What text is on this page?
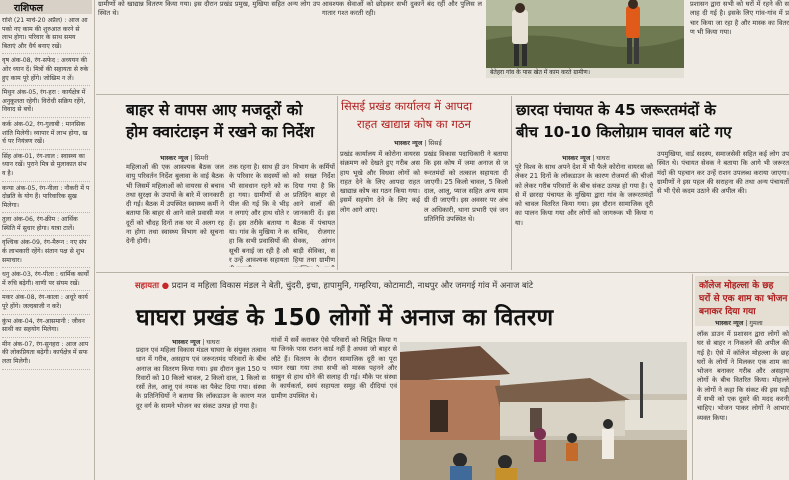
राशिफल
राशि (21 मार्च-20 अप्रैल) : आज आपको नए काम की शुरुआत करने से लाभ होगा। परिवार के साथ समय बिताएं और धैर्य बनाए रखें।
वृष अंक-08, रंग-सफेद : अध्ययन की ओर ध्यान दें। मित्रों की सहायता से रुके हुए काम पूरे होंगे। जोखिम न लें।
मिथुन अंक-05, रंग-हरा : कार्यक्षेत्र में अनुकूलता रहेगी। विरोधी सक्रिय रहेंगे, विवाद से बचें।
कर्क अंक-02, रंग-गुलाबी : मानसिक शांति मिलेगी। व्यापार में लाभ होगा, खर्च पर नियंत्रण रखें।
सिंह अंक-01, रंग-लाल : स्वास्थ्य का ध्यान रखें। पुराने मित्र से मुलाकात संभव है।
कन्या अंक-05, रंग-नीला : नौकरी में पदोन्नति के योग हैं। पारिवारिक सुख मिलेगा।
तुला अंक-06, रंग-क्रीम : आर्थिक स्थिति में सुधार होगा। यात्रा टालें।
वृश्चिक अंक-09, रंग-मैरून : नए संपर्क लाभकारी रहेंगे। संतान पक्ष से शुभ समाचार।
धनु अंक-03, रंग-पीला : धार्मिक कार्यों में रुचि बढ़ेगी। वाणी पर संयम रखें।
मकर अंक-08, रंग-काला : अधूरे कार्य पूरे होंगे। जल्दबाजी न करें।
कुंभ अंक-04, रंग-आसमानी : जीवनसाथी का सहयोग मिलेगा।
मीन अंक-07, रंग-सुनहरा : आज आपकी लोकप्रियता बढ़ेगी। कार्यक्षेत्र में सफलता मिलेगी।
ग्रामीणों को खाद्यान्न वितरण किया गया। इस दौरान प्रखंड प्रमुख, मुखिया सहित अन्य लोग उपस्थित थे।
आवश्यक सेवाओं को छोड़कर सभी दुकानें बंद रहीं और पुलिस लगातार गश्त करती रही।
बेतेहरा गांव के पास खेत में काम करते ग्रामीण।
प्रशासन द्वारा सभी को घरों में रहने की सलाह दी गई है। इसके लिए गांव-गांव में प्रचार किया जा रहा है और मास्क का वितरण भी किया गया।
बाहर से वापस आए मजदूरों को
होम क्वारंटाइन में रखने का निर्देश
भास्कर न्यूज | सिमरी
महिलाओं की एक आवश्यक बैठक जलवायु परिवर्तन निर्देश बुलावा के वाई बैठक भी जिसमें महिलाओं को वायरस से बचाव तथा सुरक्षा के उपायों के बारे में जानकारी दी गई। बैठक में उपस्थित स्वास्थ्य कर्मी ने बताया कि बाहर से आने वाले प्रवासी मजदूरों को चौदह दिनों तक घर में अलग रहना होगा तथा स्वास्थ्य विभाग को सूचना देनी होगी।
तक रहना है। साथ ही उनके परिवार के सदस्यों को भी सावधान रहने को कहा गया। ग्रामीणों से अपील की गई कि वे भीड़ न लगाएं और हाथ धोते रहें। इस तरीके बताया गया। गांव के मुखिया ने कहा कि सभी प्रवासियों की सूची बनाई जा रही है और उन्हें आवश्यक सहायता
विभाग के कर्मियों को सख्त निर्देश दिया गया है कि प्रतिदिन बाहर से आने वालों की जानकारी दें। इस बैठक में पंचायत सचिव, रोजगार सेवक, आंगनबाड़ी सेविका, सहिया तथा ग्रामीण
सिसई प्रखंड कार्यालय में आपदा
राहत खाद्यान्न कोष का गठन
भास्कर न्यूज | सिसई
प्रखंड कार्यालय में कोरोना वायरस संक्रमण को देखते हुए गरीब असहाय भूखे और विधवा लोगों को राहत देने के लिए आपदा राहत खाद्यान्न कोष का गठन किया गया। इसमें सहयोग देने के लिए कई लोग आगे आए।
प्रखंड विकास पदाधिकारी ने बताया कि इस कोष में जमा अनाज से जरूरतमंदों को तत्काल सहायता दी जाएगी। 25 किलो चावल, 5 किलो दाल, आलू, प्याज सहित अन्य सामग्री दी जाएगी। इस अवसर पर अंचल अधिकारी, थाना प्रभारी एवं जनप्रतिनिधि उपस्थित थे।
छारदा पंचायत के 45 जरूरतमंदों के
बीच 10-10 किलोग्राम चावल बांटे गए
भास्कर न्यूज | घाघरा
पूरे विश्व के साथ अपने देश में भी फैले कोरोना वायरस को लेकर 21 दिनों के लॉकडाउन के कारण रोजमर्रा की चीजों को लेकर गरीब परिवारों के बीच संकट उत्पन्न हो गया है। ऐसे में छारदा पंचायत के मुखिया द्वारा गांव के जरूरतमंदों को चावल वितरित किया गया। इस दौरान सामाजिक दूरी का पालन किया गया और लोगों को जागरूक भी किया गया।
उपमुखिया, वार्ड सदस्य, समाजसेवी सहित कई लोग उपस्थित थे। पंचायत सेवक ने बताया कि आगे भी जरूरतमंदों की पहचान कर उन्हें राशन उपलब्ध कराया जाएगा। ग्रामीणों ने इस पहल की सराहना की तथा अन्य पंचायतों से भी ऐसे कदम उठाने की अपील की।
सहायता ● प्रदान व महिला विकास मंडल ने बेती, चुंदरी, इचा, हापामुनि, गम्हरिया, कोटामाटी, नाथपुर और जमगई गांव में अनाज बांटे
घाघरा प्रखंड के 150 लोगों में अनाज का वितरण
भास्कर न्यूज | घाघरा
प्रदान एवं महिला विकास मंडल घाघरा के संयुक्त तत्वावधान में गरीब, असहाय एवं जरूरतमंद परिवारों के बीच अनाज का वितरण किया गया। इस दौरान कुल 150 परिवारों को 10 किलो चावल, 2 किलो दाल, 1 किलो सरसों तेल, आलू एवं नमक का पैकेट दिया गया। संस्था के प्रतिनिधियों ने बताया कि लॉकडाउन के कारण मजदूर वर्ग के सामने भोजन का संकट उत्पन्न हो गया है।
गांवों में सर्वे कराकर ऐसे परिवारों को चिह्नित किया गया जिनके पास राशन कार्ड नहीं है अथवा जो बाहर से लौटे हैं। वितरण के दौरान सामाजिक दूरी का पूरा ध्यान रखा गया तथा सभी को मास्क पहनने और साबुन से हाथ धोने की सलाह दी गई। मौके पर संस्था के कार्यकर्ता, स्वयं सहायता समूह की दीदियां एवं ग्रामीण उपस्थित थे।
कॉलेज मोहल्ला के छह
घरों से एक शाम का भोजन
बनाकर दिया गया
भास्कर न्यूज | गुमला
लॉक डाउन में प्रशासन द्वारा लोगों को घर से बाहर न निकलने की अपील की गई है। ऐसे में कॉलेज मोहल्ला के छह घरों के लोगों ने मिलकर एक शाम का भोजन बनाकर गरीब और असहाय लोगों के बीच वितरित किया। मोहल्ले के लोगों ने कहा कि संकट की इस घड़ी में सभी को एक दूसरे की मदद करनी चाहिए। भोजन पाकर लोगों ने आभार व्यक्त किया।
